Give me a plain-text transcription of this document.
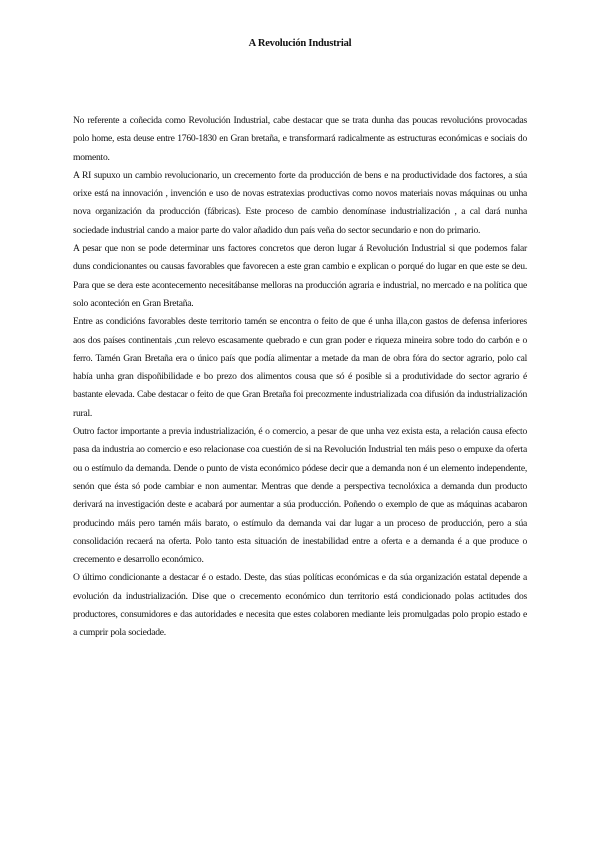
A Revolución Industrial

No referente a coñecida como Revolución Industrial, cabe destacar que se trata dunha das poucas revolucións provocadas polo home, esta deuse entre 1760-1830 en Gran bretaña, e transformará radicalmente as estructuras económicas e sociais do momento.

A RI supuxo un cambio revolucionario, un crecemento forte da producción de bens e na productividade dos factores, a súa orixe está na innovación , invención e uso de novas estratexias productivas como novos materiais novas máquinas ou unha nova organización da producción (fábricas). Este proceso de cambio denomínase industrialización , a cal dará nunha sociedade industrial cando a maior parte do valor añadido dun país veña do sector secundario e non do primario.

A pesar que non se pode determinar uns factores concretos que deron lugar á Revolución Industrial si que podemos falar duns condicionantes ou causas favorables que favorecen a este gran cambio e explican o porqué do lugar en que este se deu. Para que se dera este acontecemento necesitábanse melloras na producción agraria e industrial, no mercado e na política que solo aconteción en Gran Bretaña.

Entre as condicións favorables deste territorio tamén se encontra o feito de que é unha illa,con gastos de defensa inferiores aos dos países continentais ,cun relevo escasamente quebrado e cun gran poder e riqueza mineira sobre todo do carbón e o ferro. Tamén Gran Bretaña era o único país que podía alimentar a metade da man de obra fóra do sector agrario, polo cal había unha gran dispoñibilidade e bo prezo dos alimentos cousa que só é posible si a produtividade do sector agrario é bastante elevada. Cabe destacar o feito de que Gran Bretaña foi precozmente industrializada coa difusión da industrialización rural.

Outro factor importante a previa industrialización, é o comercio, a pesar de que unha vez exista esta, a relación causa efecto pasa da industria ao comercio e eso relacionase coa cuestión de si na Revolución Industrial ten máis peso o empuxe da oferta ou o estímulo da demanda. Dende o punto de vista económico pódese decir que a demanda non é un elemento independente, senón que ésta só pode cambiar e non aumentar. Mentras que dende a perspectiva tecnolóxica a demanda dun producto derivará na investigación deste e acabará por aumentar a súa producción. Poñendo o exemplo de que as máquinas acabaron producindo máis pero tamén máis barato, o estímulo da demanda vai dar lugar a un proceso de producción, pero a súa consolidación recaerá na oferta. Polo tanto esta situación de inestabilidad entre a oferta e a demanda é a que produce o crecemento e desarrollo económico.

O último condicionante a destacar é o estado. Deste, das súas políticas económicas e da súa organización estatal depende a evolución da industrialización. Dise que o crecemento económico dun territorio está condicionado polas actitudes dos productores, consumidores e das autoridades e necesita que estes colaboren mediante leis promulgadas polo propio estado e a cumprir pola sociedade.
